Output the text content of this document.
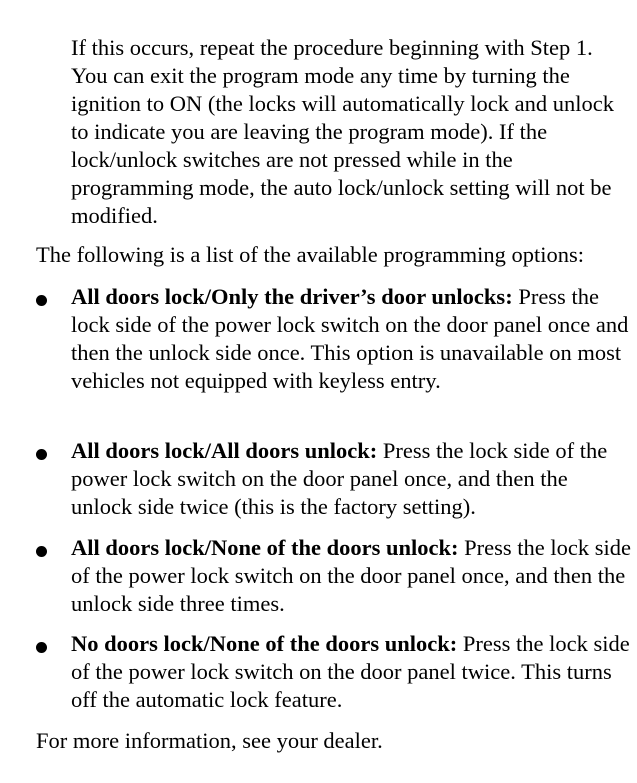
If this occurs, repeat the procedure beginning with Step 1. You can exit the program mode any time by turning the ignition to ON (the locks will automatically lock and unlock to indicate you are leaving the program mode). If the lock/unlock switches are not pressed while in the programming mode, the auto lock/unlock setting will not be modified.

The following is a list of the available programming options:

All doors lock/Only the driver’s door unlocks: Press the lock side of the power lock switch on the door panel once and then the unlock side once. This option is unavailable on most vehicles not equipped with keyless entry.

All doors lock/All doors unlock: Press the lock side of the power lock switch on the door panel once, and then the unlock side twice (this is the factory setting).

All doors lock/None of the doors unlock: Press the lock side of the power lock switch on the door panel once, and then the unlock side three times.

No doors lock/None of the doors unlock: Press the lock side of the power lock switch on the door panel twice. This turns off the automatic lock feature.

For more information, see your dealer.
